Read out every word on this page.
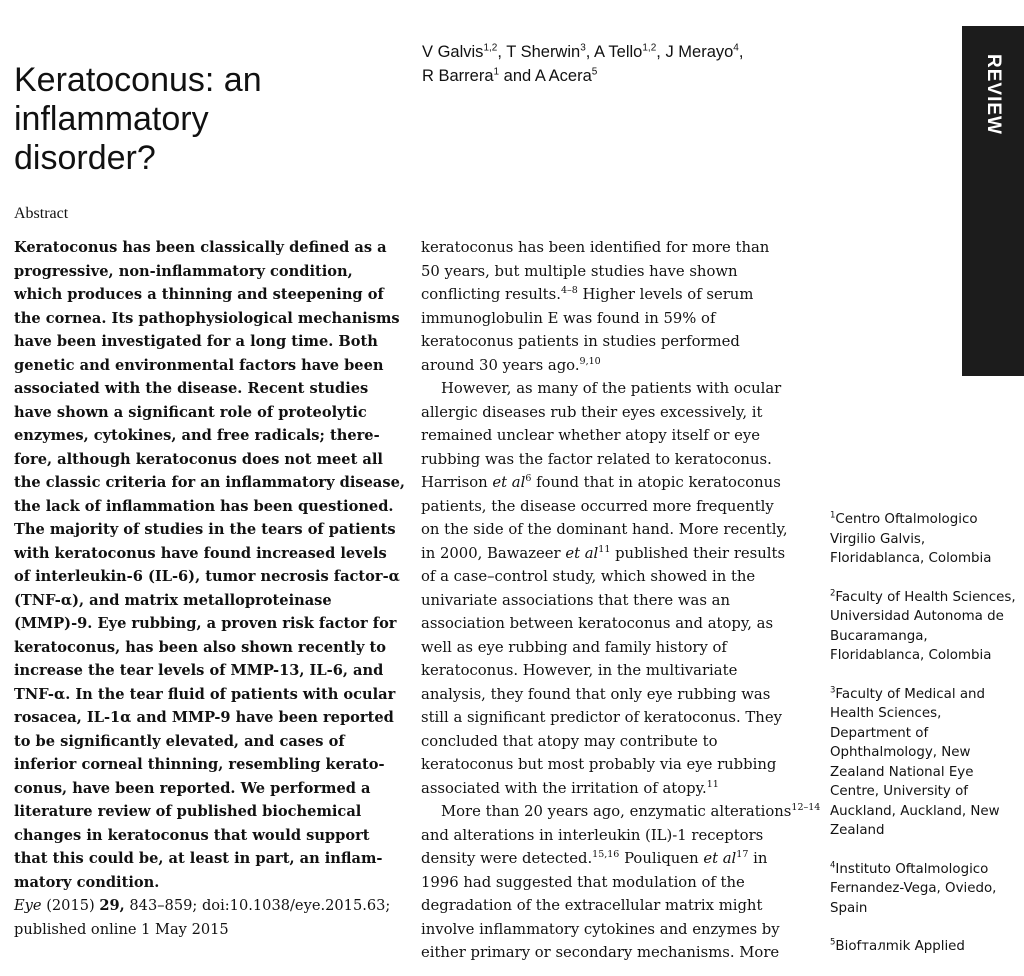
Keratoconus: an
inflammatory
disorder?
V Galvis$^{1,2}$, T Sherwin$^3$, A Tello$^{1,2}$, J Merayo$^4$,
R Barrera$^1$ and A Acera$^5$	REVIEW
Abstract
Keratoconus has been classically defined as a
progressive, non-inflammatory condition,
which produces a thinning and steepening of
the cornea. Its pathophysiological mechanisms
have been investigated for a long time. Both
genetic and environmental factors have been
associated with the disease. Recent studies
have shown a significant role of proteolytic
enzymes, cytokines, and free radicals; there-
fore, although keratoconus does not meet all
the classic criteria for an inflammatory disease,
the lack of inflammation has been questioned.
The majority of studies in the tears of patients
with keratoconus have found increased levels
of interleukin-6 (IL-6), tumor necrosis factor-α
(TNF-α), and matrix metalloproteinase
(MMP)-9. Eye rubbing, a proven risk factor for
keratoconus, has been also shown recently to
increase the tear levels of MMP-13, IL-6, and
TNF-α. In the tear fluid of patients with ocular
rosacea, IL-1α and MMP-9 have been reported
to be significantly elevated, and cases of
inferior corneal thinning, resembling kerato-
conus, have been reported. We performed a
literature review of published biochemical
changes in keratoconus that would support
that this could be, at least in part, an inflam-
matory condition.
Eye (2015) 29, 843–859; doi:10.1038/eye.2015.63;
published online 1 May 2015
keratoconus has been identified for more than
50 years, but multiple studies have shown
conflicting results.$^{4-8}$ Higher levels of serum
immunoglobulin E was found in 59% of
keratoconus patients in studies performed
around 30 years ago.$^{9,10}$
However, as many of the patients with ocular
allergic diseases rub their eyes excessively, it
remained unclear whether atopy itself or eye
rubbing was the factor related to keratoconus.
Harrison et $al^6$ found that in atopic keratoconus
patients, the disease occurred more frequently
on the side of the dominant hand. More recently,
in 2000, Bawazeer et $al^{11}$ published their results
of a case–control study, which showed in the
univariate associations that there was an
association between keratoconus and atopy, as
well as eye rubbing and family history of
keratoconus. However, in the multivariate
analysis, they found that only eye rubbing was
still a significant predictor of keratoconus. They
concluded that atopy may contribute to
keratoconus but most probably via eye rubbing
associated with the irritation of atopy.$^{11}$
More than 20 years ago, enzymatic alterations$^{12-14}$
and alterations in interleukin (IL)-1 receptors
density were detected.$^{15,16}$ Pouliquen et $al^{17}$ in
1996 had suggested that modulation of the
degradation of the extracellular matrix might
involve inflammatory cytokines and enzymes by
either primary or secondary mechanisms. More
$^1$Centro Oftalmologico
Virgilio Galvis,
Floridablanca, Colombia
$^2$Faculty of Health Sciences,
Universidad Autonoma de
Bucaramanga,
Floridablanca, Colombia
$^3$Faculty of Medical and
Health Sciences,
Department of
Ophthalmology, New
Zealand National Eye
Centre, University of
Auckland, Auckland, New
Zealand
$^4$Instituto Oftalmologico
Fernandez-Vega, Oviedo,
Spain
$^5$Biofталmik Applied
